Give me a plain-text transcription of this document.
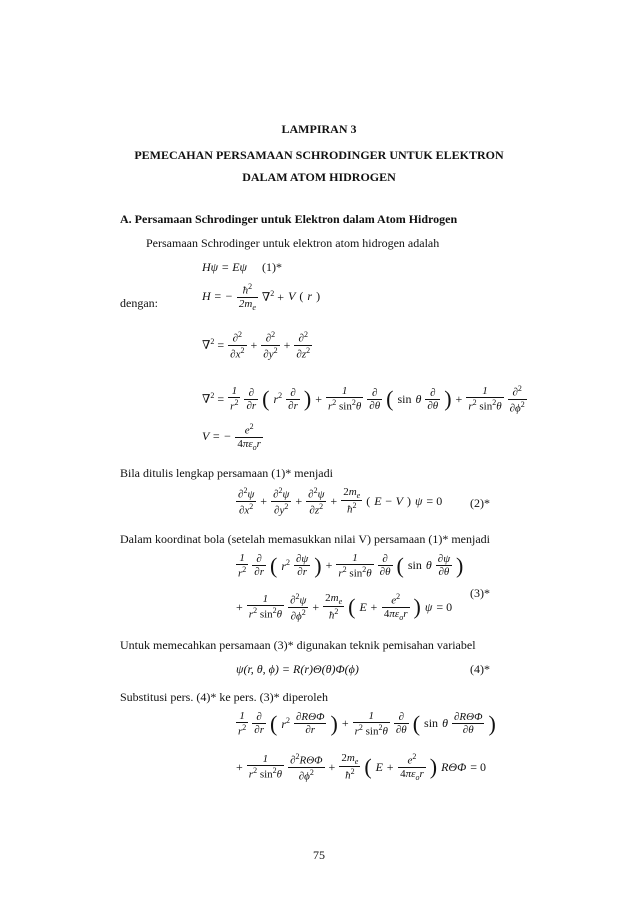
LAMPIRAN 3
PEMECAHAN PERSAMAAN SCHRODINGER UNTUK ELEKTRON
DALAM ATOM HIDROGEN
A. Persamaan Schrodinger untuk Elektron dalam Atom Hidrogen
Persamaan Schrodinger untuk elektron atom hidrogen adalah
Hψ = Eψ (1)*
dengan:	H = − $\frac{ħ^2}{2m_e} \nabla^2 + V$ ( r )
$\nabla^2 = \frac{\partial^2}{\partial x^2} + \frac{\partial^2}{\partial y^2} + \frac{\partial^2}{\partial z^2}$
$\nabla^2 = \frac{1}{r^2} \frac{\partial}{\partial r}$ ( $r^2 \frac{\partial}{\partial r}$ ) + $\frac{1}{r^2 \sin^2\theta} \frac{\partial}{\partial\theta}$ ( sin θ $\frac{\partial}{\partial\theta}$ ) + $\frac{1}{r^2 \sin^2\theta} \frac{\partial^2}{\partial\phi^2}$
V = − $\frac{e^2}{4\pi\varepsilon_or}$
Bila ditulis lengkap persamaan (1)* menjadi
$\frac{\partial^2\psi}{\partial x^2} + \frac{\partial^2\psi}{\partial y^2} + \frac{\partial^2\psi}{\partial z^2} + \frac{2m_e}{ħ^2}$ ( E − V ) ψ = 0 (2)*
Dalam koordinat bola (setelah memasukkan nilai V) persamaan (1)* menjadi
$\frac{1}{r^2} \frac{\partial}{\partial r}$ ( $r^2 \frac{\partial\psi}{\partial r}$ ) + $\frac{1}{r^2 \sin^2\theta} \frac{\partial}{\partial\theta}$ ( sin θ $\frac{\partial\psi}{\partial\theta}$ )
+ $\frac{1}{r^2 \sin^2\theta} \frac{\partial^2\psi}{\partial\phi^2} + \frac{2m_e}{ħ^2}$ ( $E + \frac{e^2}{4\pi\varepsilon_or}$ ) ψ = 0
(3)*
Untuk memecahkan persamaan (3)* digunakan teknik pemisahan variabel
ψ(r, θ, ϕ) = R(r)Θ(θ)Φ(ϕ)	(4)*
Substitusi pers. (4)* ke pers. (3)* diperoleh
$\frac{1}{r^2} \frac{\partial}{\partial r}$ ( $r^2 \frac{\text{∂RΘΦ}}{\partial r}$ ) + $\frac{1}{r^2 \sin^2\theta} \frac{\partial}{\partial\theta}$ ( sin θ $\frac{\text{∂RΘΦ}}{\partial\theta}$ )
+ $\frac{1}{r^2 \sin^2\theta} \frac{\partial^2R\Theta\Phi}{\partial\phi^2} + \frac{2m_e}{ħ^2}$ ( $E + \frac{e^2}{4\pi\varepsilon_or}$ ) RΘΦ = 0
75
